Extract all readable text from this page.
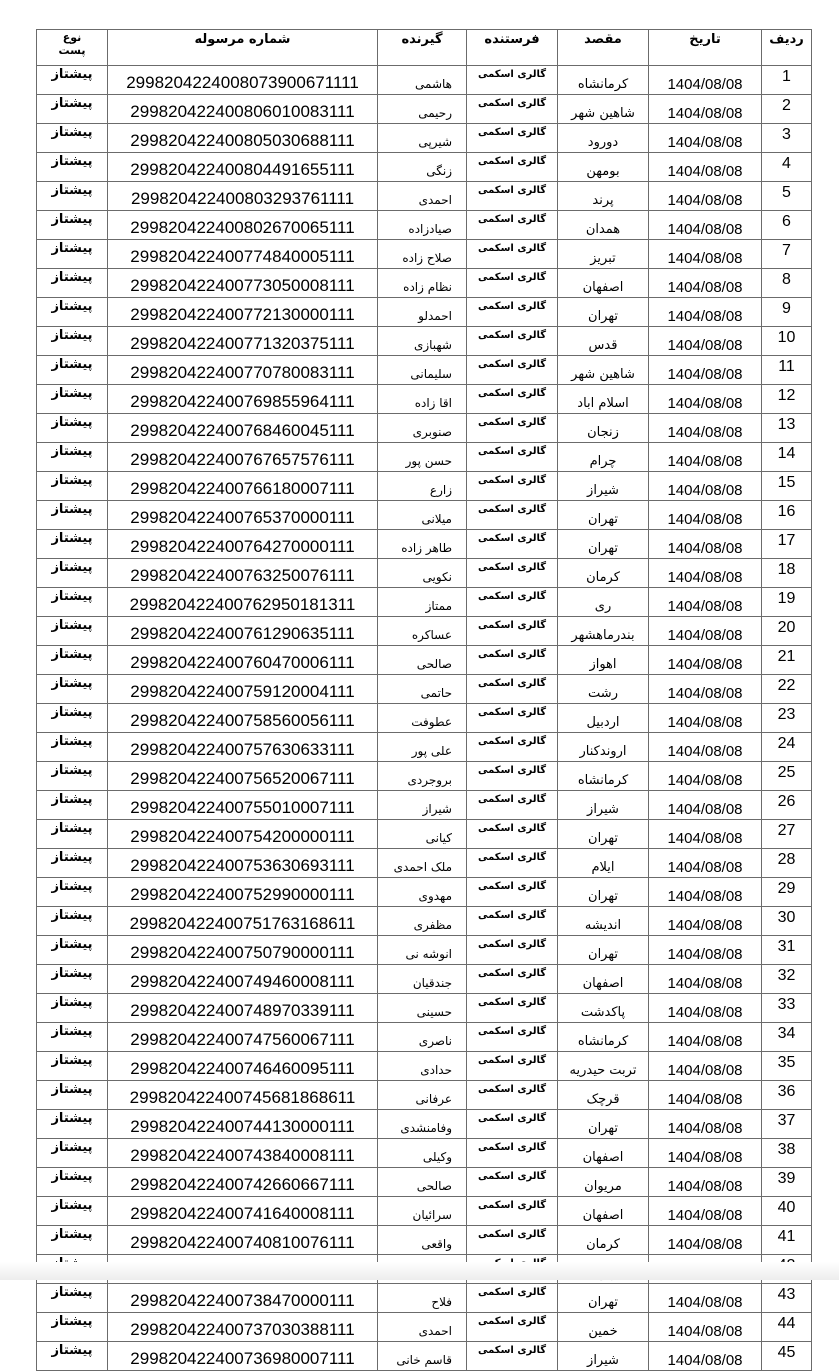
ردیف	تاریخ	مقصد	فرستنده	گیرنده	شماره مرسوله	نوع
پست
1	1404/08/08	کرمانشاه	گالری اسکمی	هاشمی	2998204224008073900671111	پیشتاز
2	1404/08/08	شاهین شهر	گالری اسکمی	رحیمی	299820422400806010083111	پیشتاز
3	1404/08/08	دورود	گالری اسکمی	شیرپی	299820422400805030688111	پیشتاز
4	1404/08/08	بومهن	گالری اسکمی	زنگی	299820422400804491655111	پیشتاز
5	1404/08/08	پرند	گالری اسکمی	احمدی	299820422400803293761111	پیشتاز
6	1404/08/08	همدان	گالری اسکمی	صیادزاده	299820422400802670065111	پیشتاز
7	1404/08/08	تبریز	گالری اسکمی	صلاح زاده	299820422400774840005111	پیشتاز
8	1404/08/08	اصفهان	گالری اسکمی	نظام زاده	299820422400773050008111	پیشتاز
9	1404/08/08	تهران	گالری اسکمی	احمدلو	299820422400772130000111	پیشتاز
10	1404/08/08	قدس	گالری اسکمی	شهبازی	299820422400771320375111	پیشتاز
11	1404/08/08	شاهین شهر	گالری اسکمی	سلیمانی	299820422400770780083111	پیشتاز
12	1404/08/08	اسلام اباد	گالری اسکمی	اقا زاده	299820422400769855964111	پیشتاز
13	1404/08/08	زنجان	گالری اسکمی	صنوبری	299820422400768460045111	پیشتاز
14	1404/08/08	چرام	گالری اسکمی	حسن پور	299820422400767657576111	پیشتاز
15	1404/08/08	شیراز	گالری اسکمی	زارع	299820422400766180007111	پیشتاز
16	1404/08/08	تهران	گالری اسکمی	میلانی	299820422400765370000111	پیشتاز
17	1404/08/08	تهران	گالری اسکمی	طاهر زاده	299820422400764270000111	پیشتاز
18	1404/08/08	کرمان	گالری اسکمی	نکویی	299820422400763250076111	پیشتاز
19	1404/08/08	ری	گالری اسکمی	ممتاز	299820422400762950181311	پیشتاز
20	1404/08/08	بندرماهشهر	گالری اسکمی	عساکره	299820422400761290635111	پیشتاز
21	1404/08/08	اهواز	گالری اسکمی	صالحی	299820422400760470006111	پیشتاز
22	1404/08/08	رشت	گالری اسکمی	حاتمی	299820422400759120004111	پیشتاز
23	1404/08/08	اردبیل	گالری اسکمی	عطوفت	299820422400758560056111	پیشتاز
24	1404/08/08	اروندکنار	گالری اسکمی	علی پور	299820422400757630633111	پیشتاز
25	1404/08/08	کرمانشاه	گالری اسکمی	بروجردی	299820422400756520067111	پیشتاز
26	1404/08/08	شیراز	گالری اسکمی	شیراز	299820422400755010007111	پیشتاز
27	1404/08/08	تهران	گالری اسکمی	کیانی	299820422400754200000111	پیشتاز
28	1404/08/08	ایلام	گالری اسکمی	ملک احمدی	299820422400753630693111	پیشتاز
29	1404/08/08	تهران	گالری اسکمی	مهدوی	299820422400752990000111	پیشتاز
30	1404/08/08	اندیشه	گالری اسکمی	مظفری	299820422400751763168611	پیشتاز
31	1404/08/08	تهران	گالری اسکمی	انوشه نی	299820422400750790000111	پیشتاز
32	1404/08/08	اصفهان	گالری اسکمی	جندقیان	299820422400749460008111	پیشتاز
33	1404/08/08	پاکدشت	گالری اسکمی	حسینی	299820422400748970339111	پیشتاز
34	1404/08/08	کرمانشاه	گالری اسکمی	ناصری	299820422400747560067111	پیشتاز
35	1404/08/08	تربت حیدریه	گالری اسکمی	حدادی	299820422400746460095111	پیشتاز
36	1404/08/08	قرچک	گالری اسکمی	عرفانی	299820422400745681868611	پیشتاز
37	1404/08/08	تهران	گالری اسکمی	وفامنشدی	299820422400744130000111	پیشتاز
38	1404/08/08	اصفهان	گالری اسکمی	وکیلی	299820422400743840008111	پیشتاز
39	1404/08/08	مریوان	گالری اسکمی	صالحی	299820422400742660667111	پیشتاز
40	1404/08/08	اصفهان	گالری اسکمی	سرائیان	299820422400741640008111	پیشتاز
41	1404/08/08	کرمان	گالری اسکمی	واقعی	299820422400740810076111	پیشتاز

43	1404/08/08	تهران	گالری اسکمی	فلاح	299820422400738470000111	پیشتاز
44	1404/08/08	خمین	گالری اسکمی	احمدی	299820422400737030388111	پیشتاز
45	1404/08/08	شیراز	گالری اسکمی	قاسم خانی	299820422400736980007111	پیشتاز
